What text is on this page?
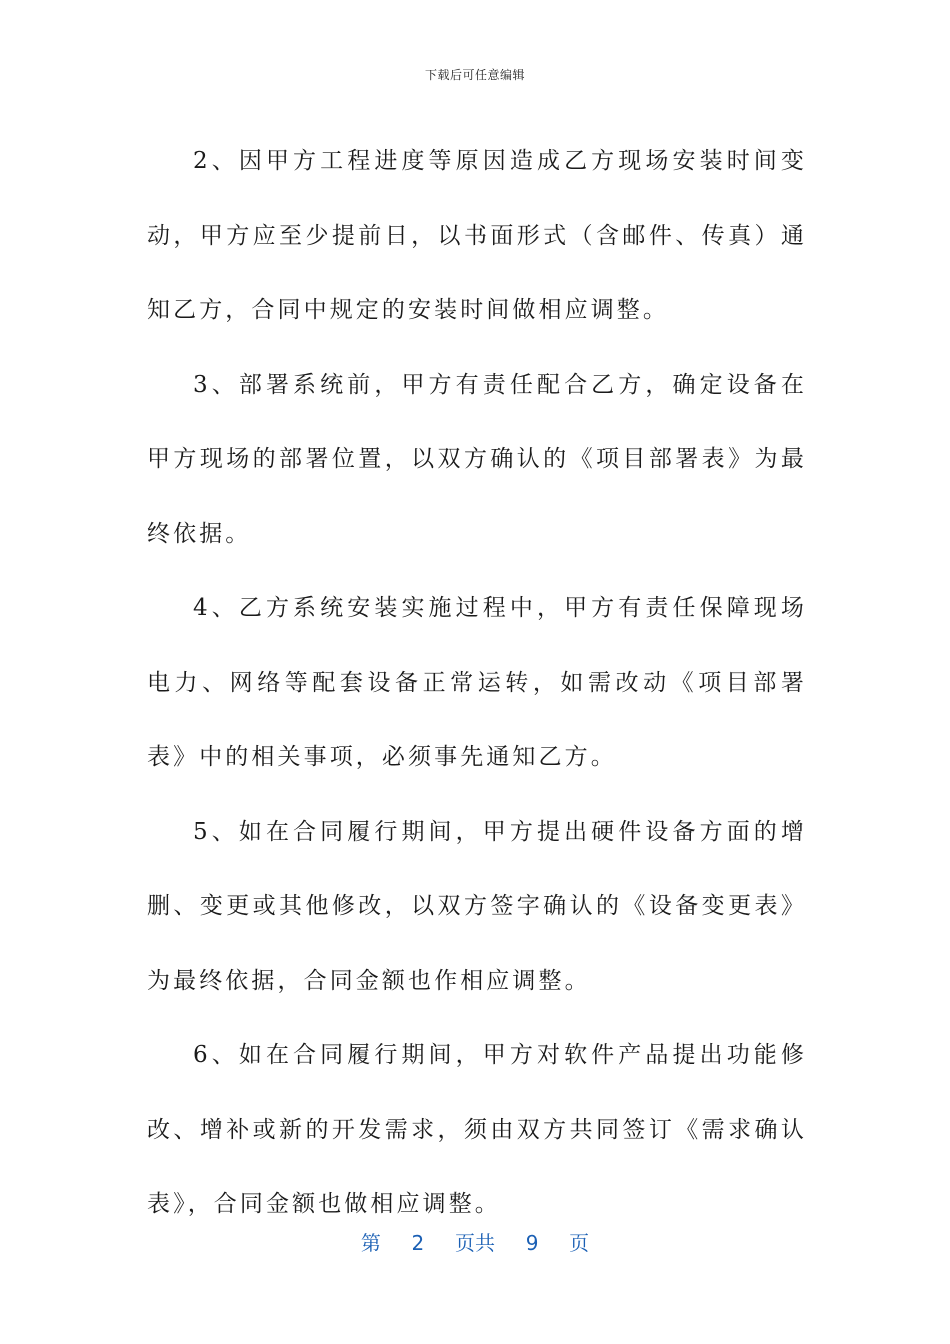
下载后可任意编辑

2、因甲方工程进度等原因造成乙方现场安装时间变动，甲方应至少提前日，以书面形式（含邮件、传真）通知乙方，合同中规定的安装时间做相应调整。

3、部署系统前，甲方有责任配合乙方，确定设备在甲方现场的部署位置，以双方确认的《项目部署表》为最终依据。

4、乙方系统安装实施过程中，甲方有责任保障现场电力、网络等配套设备正常运转，如需改动《项目部署表》中的相关事项，必须事先通知乙方。

5、如在合同履行期间，甲方提出硬件设备方面的增删、变更或其他修改，以双方签字确认的《设备变更表》为最终依据，合同金额也作相应调整。

6、如在合同履行期间，甲方对软件产品提出功能修改、增补或新的开发需求，须由双方共同签订《需求确认表》，合同金额也做相应调整。

第 2 页共 9 页
